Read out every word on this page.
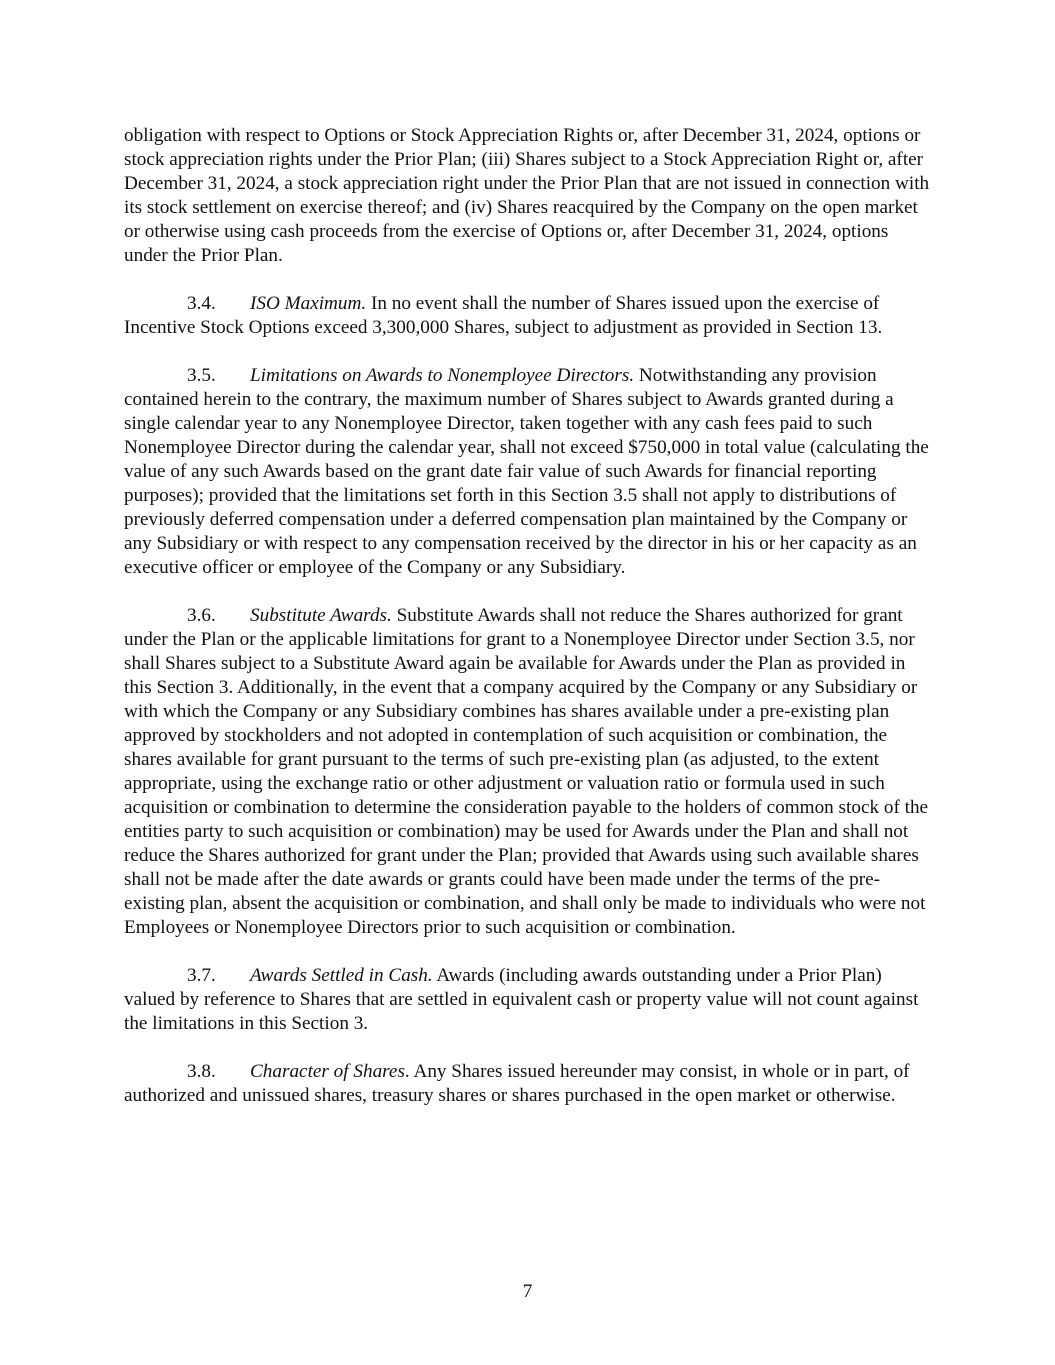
obligation with respect to Options or Stock Appreciation Rights or, after December 31, 2024, options or stock appreciation rights under the Prior Plan; (iii) Shares subject to a Stock Appreciation Right or, after December 31, 2024, a stock appreciation right under the Prior Plan that are not issued in connection with its stock settlement on exercise thereof; and (iv) Shares reacquired by the Company on the open market or otherwise using cash proceeds from the exercise of Options or, after December 31, 2024, options under the Prior Plan.

3.4. ISO Maximum. In no event shall the number of Shares issued upon the exercise of Incentive Stock Options exceed 3,300,000 Shares, subject to adjustment as provided in Section 13.

3.5. Limitations on Awards to Nonemployee Directors. Notwithstanding any provision contained herein to the contrary, the maximum number of Shares subject to Awards granted during a single calendar year to any Nonemployee Director, taken together with any cash fees paid to such Nonemployee Director during the calendar year, shall not exceed $750,000 in total value (calculating the value of any such Awards based on the grant date fair value of such Awards for financial reporting purposes); provided that the limitations set forth in this Section 3.5 shall not apply to distributions of previously deferred compensation under a deferred compensation plan maintained by the Company or any Subsidiary or with respect to any compensation received by the director in his or her capacity as an executive officer or employee of the Company or any Subsidiary.

3.6. Substitute Awards. Substitute Awards shall not reduce the Shares authorized for grant under the Plan or the applicable limitations for grant to a Nonemployee Director under Section 3.5, nor shall Shares subject to a Substitute Award again be available for Awards under the Plan as provided in this Section 3. Additionally, in the event that a company acquired by the Company or any Subsidiary or with which the Company or any Subsidiary combines has shares available under a pre-existing plan approved by stockholders and not adopted in contemplation of such acquisition or combination, the shares available for grant pursuant to the terms of such pre-existing plan (as adjusted, to the extent appropriate, using the exchange ratio or other adjustment or valuation ratio or formula used in such acquisition or combination to determine the consideration payable to the holders of common stock of the entities party to such acquisition or combination) may be used for Awards under the Plan and shall not reduce the Shares authorized for grant under the Plan; provided that Awards using such available shares shall not be made after the date awards or grants could have been made under the terms of the pre-existing plan, absent the acquisition or combination, and shall only be made to individuals who were not Employees or Nonemployee Directors prior to such acquisition or combination.

3.7. Awards Settled in Cash. Awards (including awards outstanding under a Prior Plan) valued by reference to Shares that are settled in equivalent cash or property value will not count against the limitations in this Section 3.

3.8. Character of Shares. Any Shares issued hereunder may consist, in whole or in part, of authorized and unissued shares, treasury shares or shares purchased in the open market or otherwise.

7
